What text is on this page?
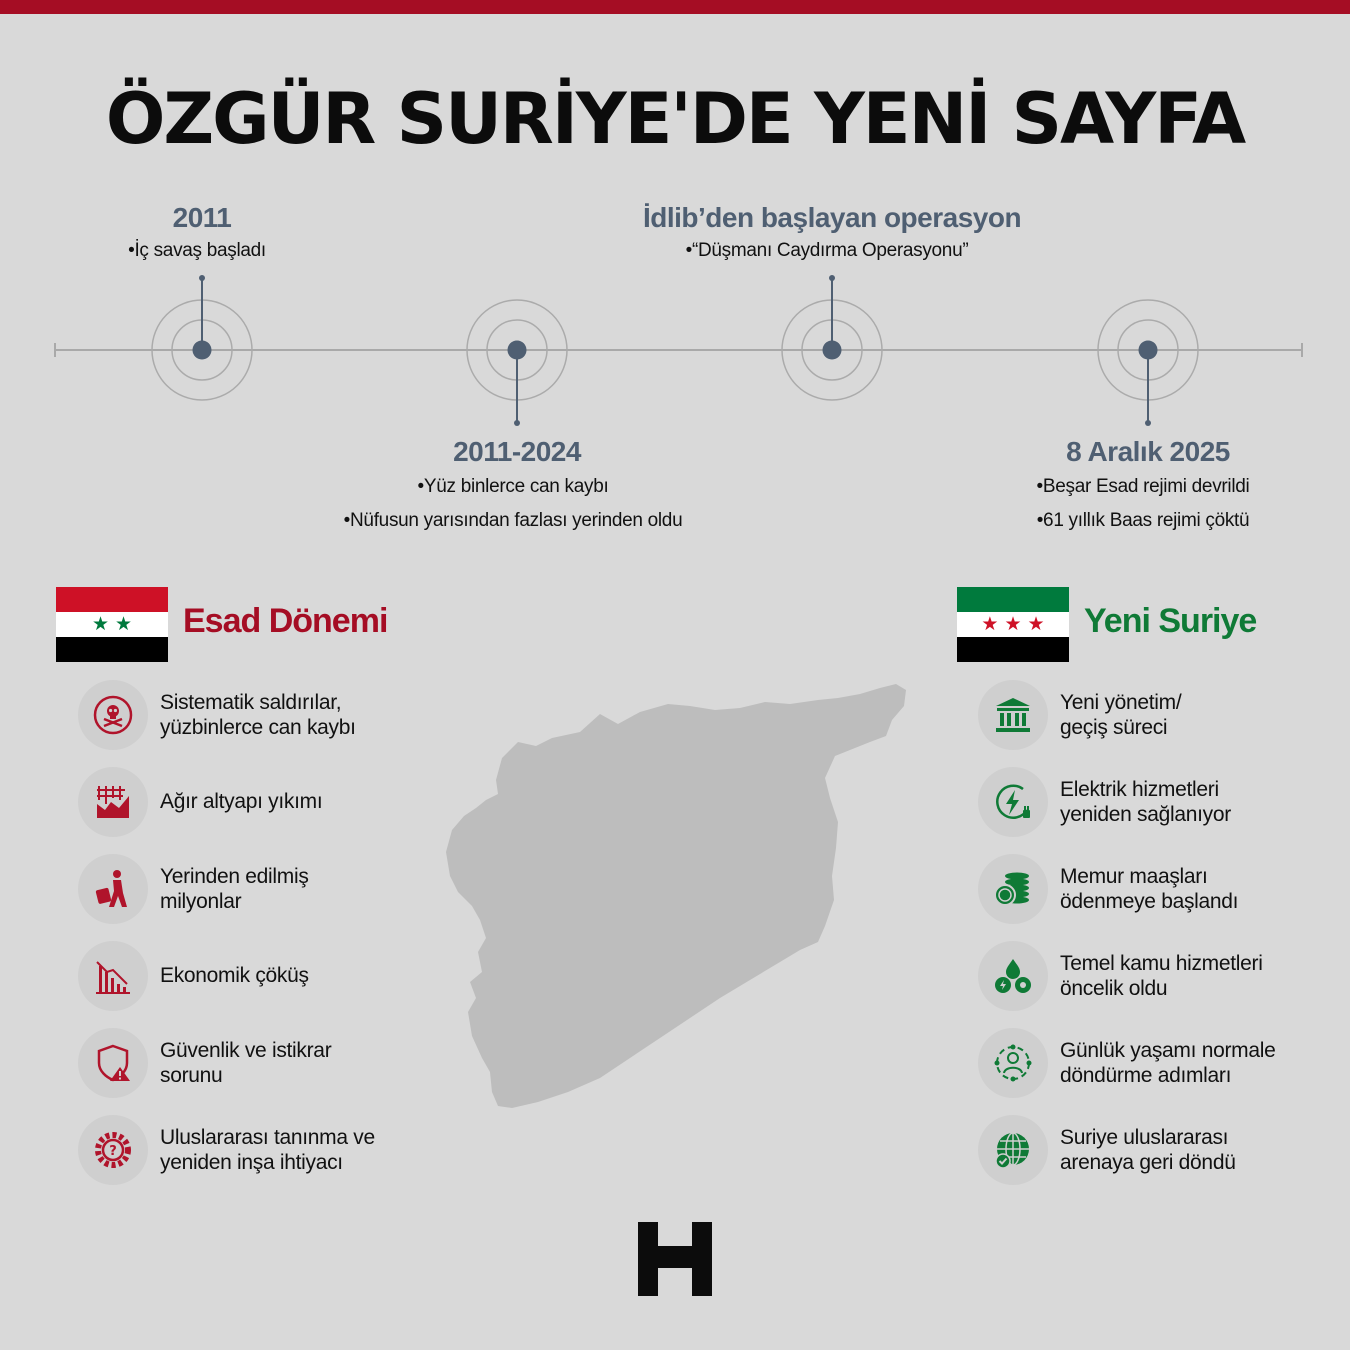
ÖZGÜR SURİYE'DE YENİ SAYFA
2011
•İç savaş başladı
2011-2024
•Yüz binlerce can kaybı
•Nüfusun yarısından fazlası yerinden oldu
İdlib’den başlayan operasyon
•“Düşmanı Caydırma Operasyonu”
8 Aralık 2025
•Beşar Esad rejimi devrildi
•61 yıllık Baas rejimi çöktü
★ ★	Esad Dönemi
Sistematik saldırılar,
yüzbinlerce can kaybı
Ağır altyapı yıkımı
Yerinden edilmiş
milyonlar
Ekonomik çöküş
Güvenlik ve istikrar
sorunu
?
Uluslararası tanınma ve
yeniden inşa ihtiyacı
★ ★ ★	Yeni Suriye
Yeni yönetim/
geçiş süreci
Elektrik hizmetleri
yeniden sağlanıyor
Memur maaşları
ödenmeye başlandı
Temel kamu hizmetleri
öncelik oldu
Günlük yaşamı normale
döndürme adımları
Suriye uluslararası
arenaya geri döndü
